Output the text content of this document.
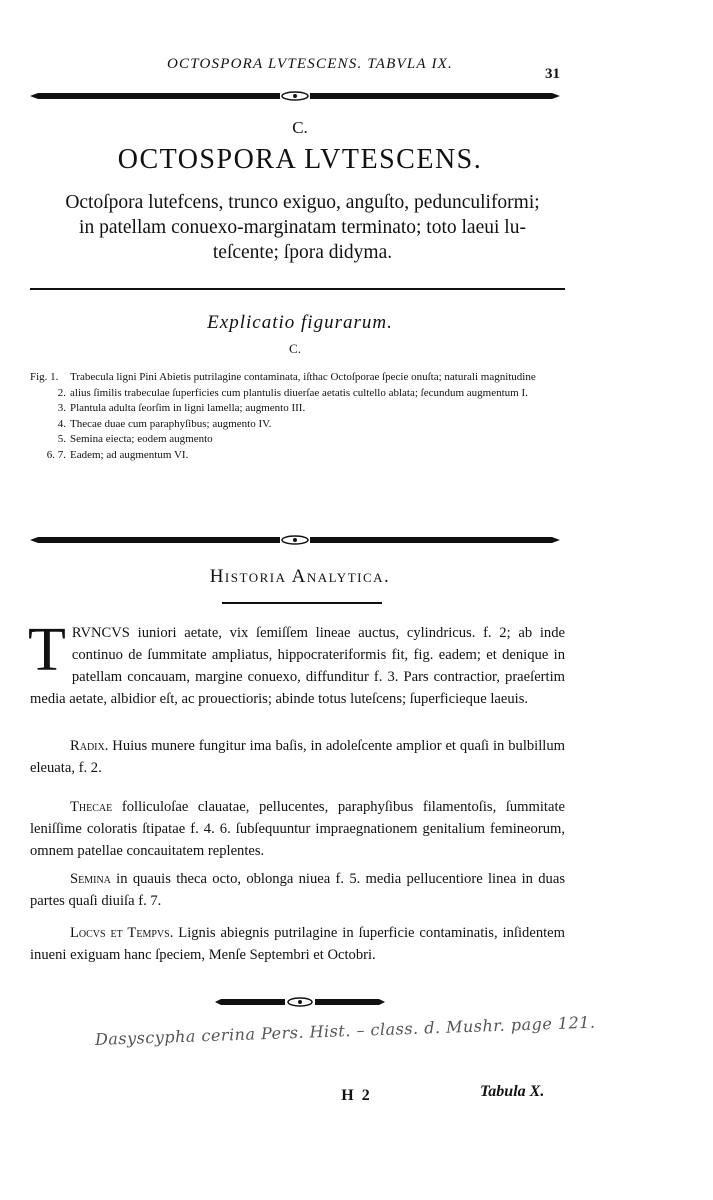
OCTOSPORA LVTESCENS. TABVLA IX.
31
C.
OCTOSPORA LVTESCENS.
Octoſpora lutefcens, trunco exiguo, anguſto, pedunculiformi;
in patellam conuexo-marginatam terminato; toto laeui lu-
teſcente; ſpora didyma.
Explicatio figurarum.
C.
Fig. 1.	Trabecula ligni Pini Abietis putrilagine contaminata, iſthac Octoſporae ſpecie onuſta; naturali magnitudine
2. alius ſimilis trabeculae ſuperficies cum plantulis diuerſae aetatis cultello ablata; ſecundum augmentum I.
3. Plantula adulta ſeorſim in ligni lamella; augmento III.
4. Thecae duae cum paraphyſibus; augmento IV.
5. Semina eiecta; eodem augmento
6. 7. Eadem; ad augmentum VI.
Historia Analytica.
TRVNCVS iuniori aetate, vix ſemiſſem lineae auctus, cylindricus. f. 2; ab inde continuo de ſummitate ampliatus, hippocrateriformis fit, fig. eadem; et denique in patellam concauam, margine conuexo, diffunditur f. 3. Pars contractior, praeſertim media aetate, albidior eſt, ac prouectioris; abinde totus luteſcens; ſuperficieque laeuis.
Radix. Huius munere fungitur ima baſis, in adoleſcente amplior et quaſi in bulbillum eleuata, f. 2.
Thecae folliculoſae clauatae, pellucentes, paraphyſibus filamentoſis, ſummitate leniſſime coloratis ſtipatae f. 4. 6. ſubſequuntur impraegnationem genitalium femineorum, omnem patellae concauitatem replentes.
Semina in quauis theca octo, oblonga niuea f. 5. media pellucentiore linea in duas partes quaſi diuiſa f. 7.
Locvs et Tempvs. Lignis abiegnis putrilagine in ſuperficie contaminatis, inſidentem inueni exiguam hanc ſpeciem, Menſe Septembri et Octobri.
Dasyscypha cerina Pers. Hist. – class. d. Mushr. page 121.
H 2	Tabula X.
